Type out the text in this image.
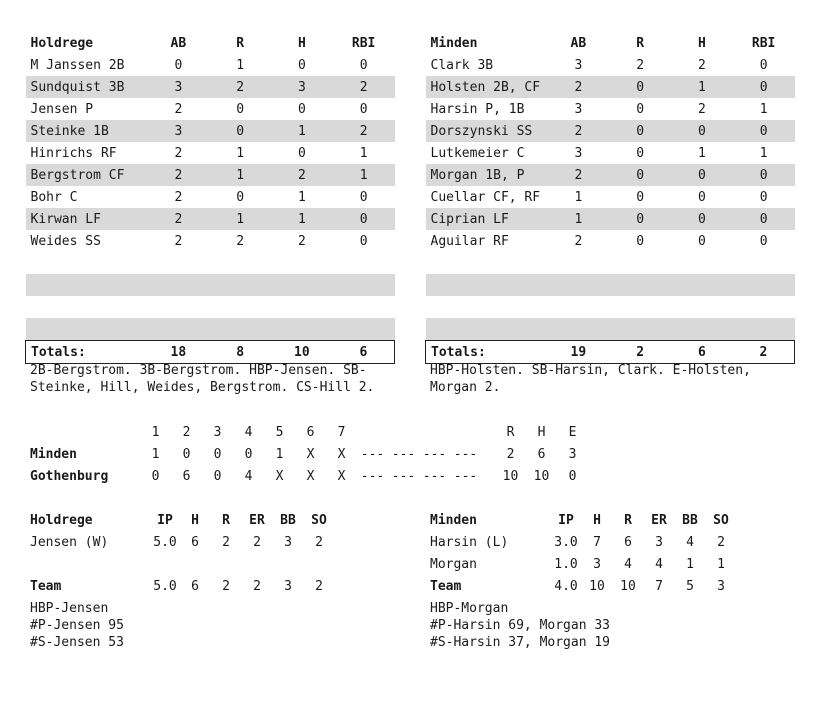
Holdrege	AB	R	H	RBI
M Janssen 2B	0	1	0	0
Sundquist 3B	3	2	3	2
Jensen P	2	0	0	0
Steinke 1B	3	0	1	2
Hinrichs RF	2	1	0	1
Bergstrom CF	2	1	2	1
Bohr C	2	0	1	0
Kirwan LF	2	1	1	0
Weides SS	2	2	2	0

Totals:	18	8	10	6
Minden	AB	R	H	RBI
Clark 3B	3	2	2	0
Holsten 2B, CF	2	0	1	0
Harsin P, 1B	3	0	2	1
Dorszynski SS	2	0	0	0
Lutkemeier C	3	0	1	1
Morgan 1B, P	2	0	0	0
Cuellar CF, RF	1	0	0	0
Ciprian LF	1	0	0	0
Aguilar RF	2	0	0	0

Totals:	19	2	6	2
2B-Bergstrom. 3B-Bergstrom. HBP-Jensen. SB-Steinke, Hill, Weides, Bergstrom. CS-Hill 2.
HBP-Holsten. SB-Harsin, Clark. E-Holsten, Morgan 2.
	1	2	3	4	5	6	7						R	H	E
Minden	1	0	0	0	1	X	X	---	---	---	---		2	6	3
Gothenburg	0	6	0	4	X	X	X	---	---	---	---		10	10	0
Holdrege	IP	H	R	ER	BB	SO
Jensen (W)	5.0	6	2	2	3	2

Team	5.0	6	2	2	3	2
Minden	IP	H	R	ER	BB	SO
Harsin (L)	3.0	7	6	3	4	2
Morgan	1.0	3	4	4	1	1
Team	4.0	10	10	7	5	3
HBP-Jensen
#P-Jensen 95
#S-Jensen 53
HBP-Morgan
#P-Harsin 69, Morgan 33
#S-Harsin 37, Morgan 19
